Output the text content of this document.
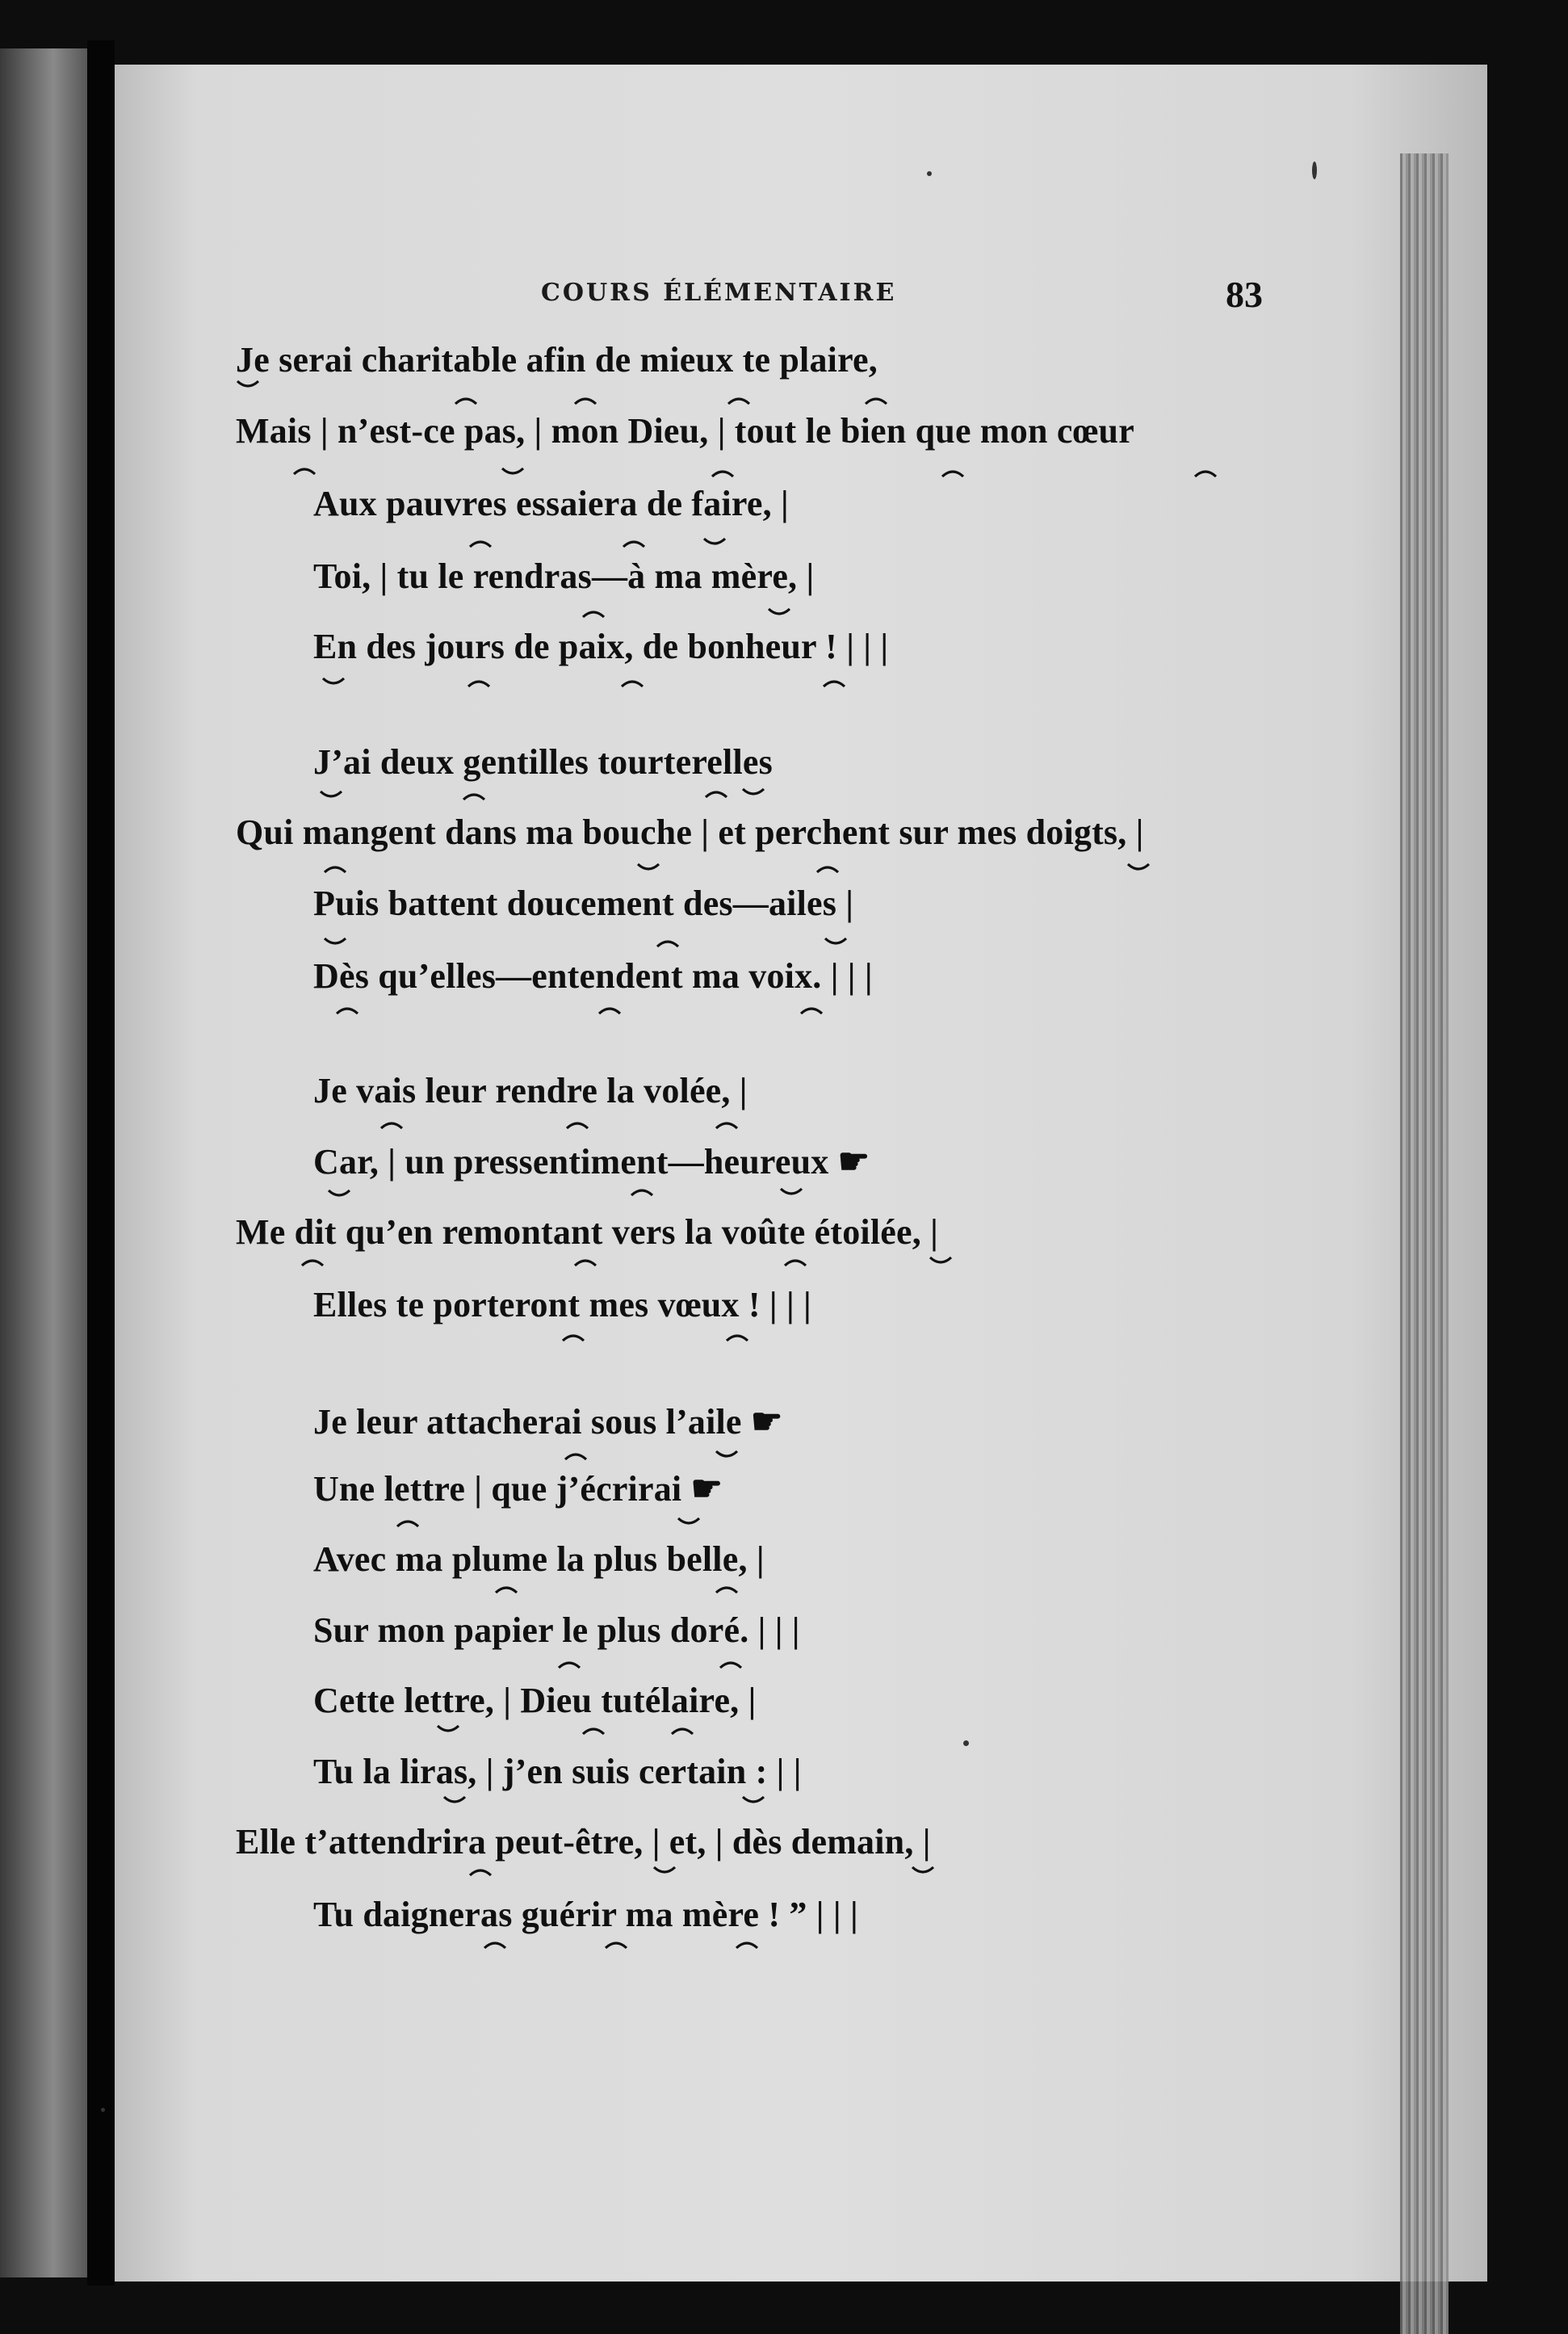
COURS ÉLÉMENTAIRE	83
Je serai charitable afin de mieux te plaire,
Mais | n’est-ce pas, | mon Dieu, | tout le bien que mon cœur
Aux pauvres essaiera de faire, |
Toi, | tu le rendras—à ma mère, |
En des jours de paix, de bonheur ! | | |
J’ai deux gentilles tourterelles
Qui mangent dans ma bouche | et perchent sur mes doigts, |
Puis battent doucement des—ailes |
Dès qu’elles—entendent ma voix. | | |
Je vais leur rendre la volée, |
Car, | un pressentiment—heureux ☛
Me dit qu’en remontant vers la voûte étoilée, |
Elles te porteront mes vœux ! | | |
Je leur attacherai sous l’aile ☛
Une lettre | que j’écrirai ☛
Avec ma plume la plus belle, |
Sur mon papier le plus doré. | | |
Cette lettre, | Dieu tutélaire, |
Tu la liras, | j’en suis certain : | |
Elle t’attendrira peut-être, | et, | dès demain, |
Tu daigneras guérir ma mère ! ” | | |
